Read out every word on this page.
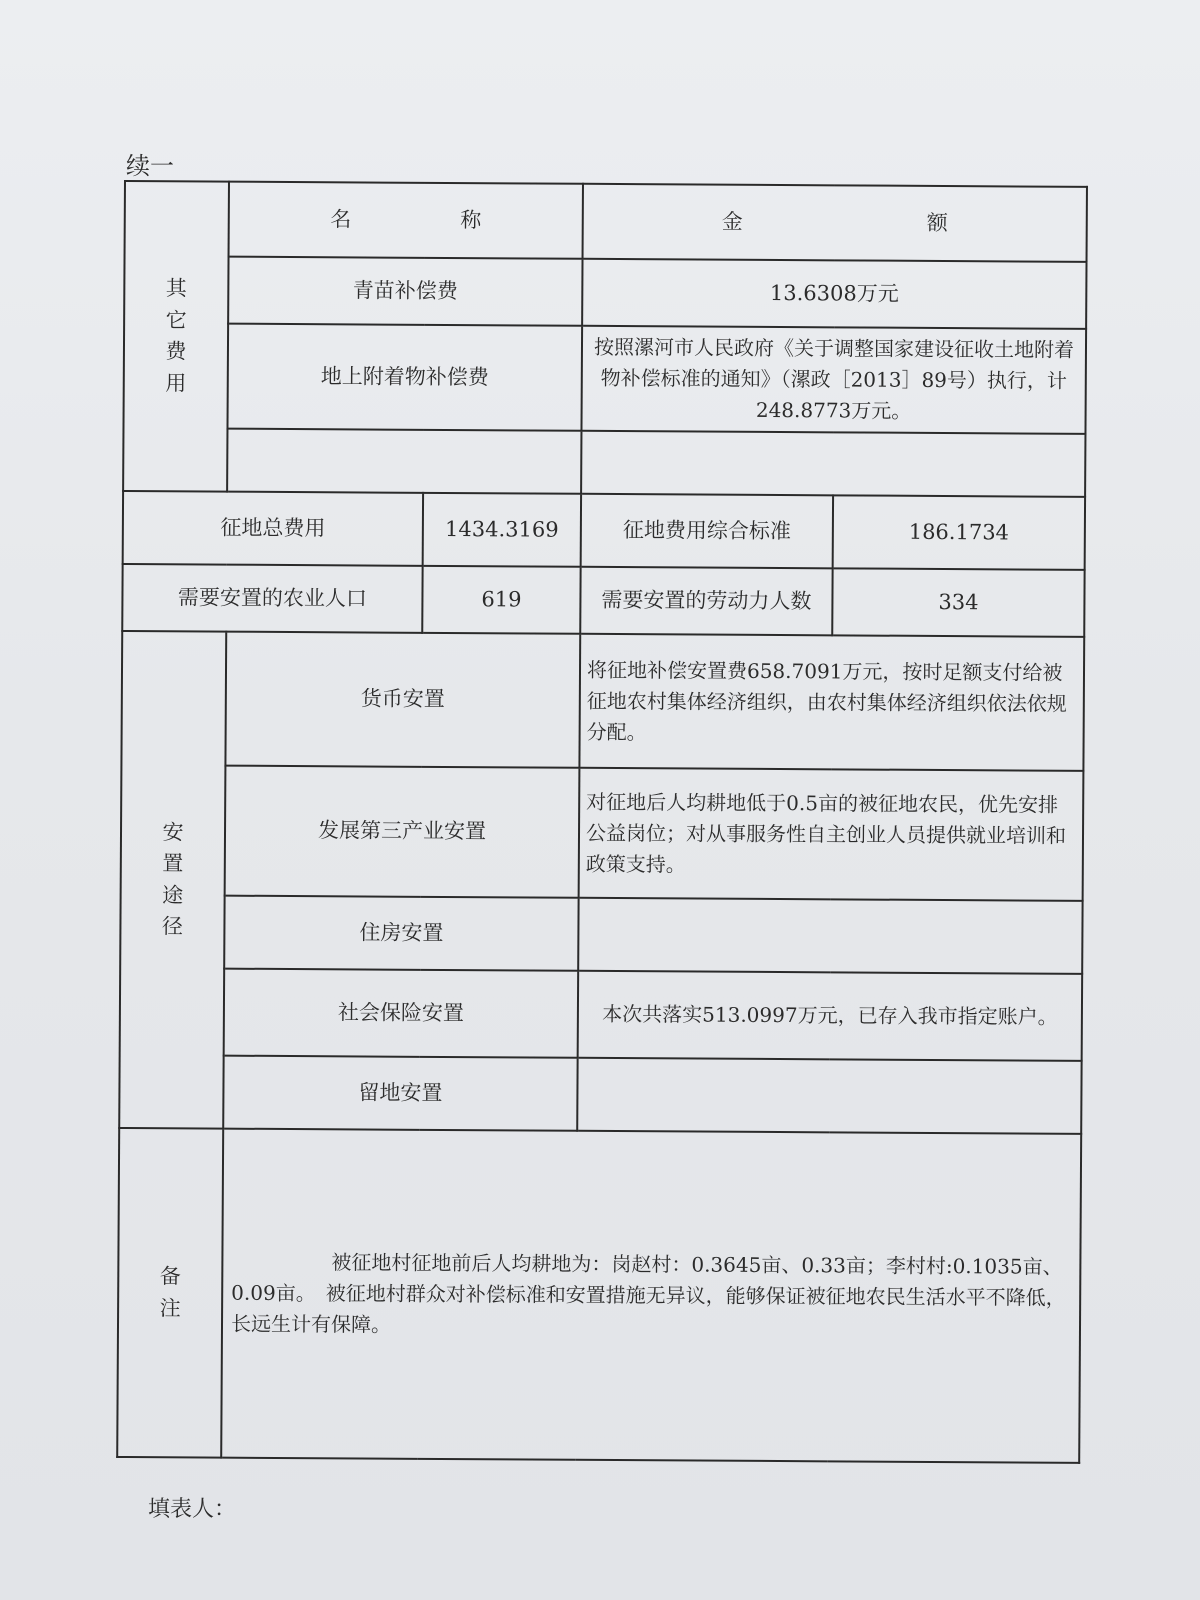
续一
其
它
费
用	名 称		金 额	

	青苗补偿费		13.6308万元	
	地上附着物补偿费		按照漯河市人民政府《关于调整国家建设征收土地附着物补偿标准的通知》（漯政［2013］89号）执行，计248.8773万元。	

征地总费用		1434.3169	征地费用综合标准	186.1734
需要安置的农业人口		619	需要安置的劳动力人数	334

安
置
途
径	货币安置		将征地补偿安置费658.7091万元，按时足额支付给被征地农村集体经济组织，由农村集体经济组织依法依规分配。	
	发展第三产业安置		对征地后人均耕地低于0.5亩的被征地农民，优先安排公益岗位；对从事服务性自主创业人员提供就业培训和政策支持。	
	住房安置			
	社会保险安置		本次共落实513.0997万元，已存入我市指定账户。	
	留地安置			

备
注	被征地村征地前后人均耕地为：岗赵村：0.3645亩、0.33亩；李村村:0.1035亩、0.09亩。　被征地村群众对补偿标准和安置措施无异议，能够保证被征地农民生活水平不降低，长远生计有保障。			

填表人：
